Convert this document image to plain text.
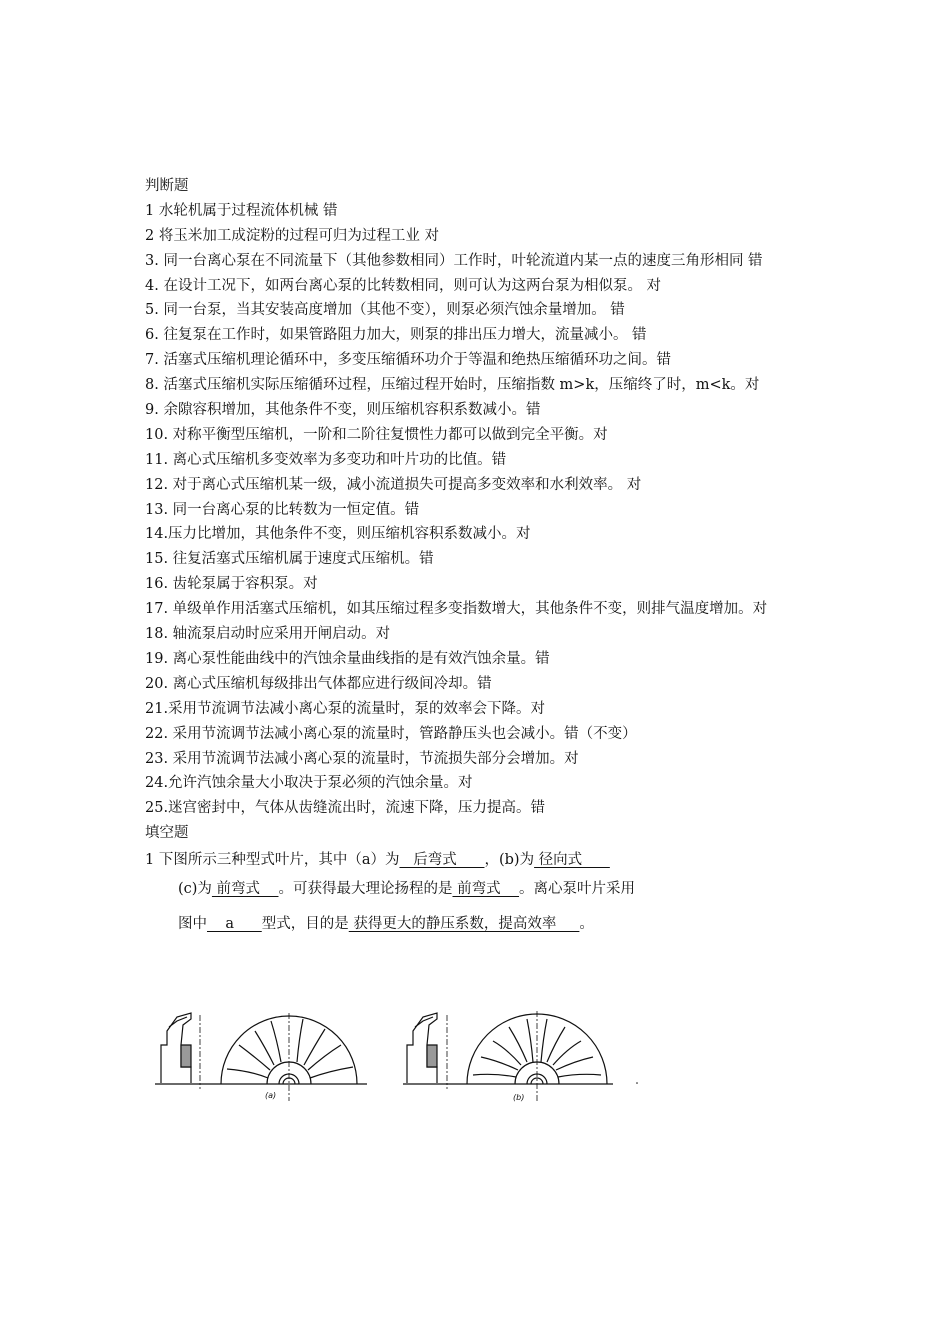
判断题
1 水轮机属于过程流体机械 错
2 将玉米加工成淀粉的过程可归为过程工业 对
3. 同一台离心泵在不同流量下（其他参数相同）工作时，叶轮流道内某一点的速度三角形相同 错
4. 在设计工况下，如两台离心泵的比转数相同，则可认为这两台泵为相似泵。 对
5. 同一台泵，当其安装高度增加（其他不变），则泵必须汽蚀余量增加。 错
6. 往复泵在工作时，如果管路阻力加大，则泵的排出压力增大，流量减小。 错
7. 活塞式压缩机理论循环中，多变压缩循环功介于等温和绝热压缩循环功之间。错
8. 活塞式压缩机实际压缩循环过程，压缩过程开始时，压缩指数 m>k，压缩终了时，m<k。对
9. 余隙容积增加，其他条件不变，则压缩机容积系数减小。错
10. 对称平衡型压缩机，一阶和二阶往复惯性力都可以做到完全平衡。对
11. 离心式压缩机多变效率为多变功和叶片功的比值。错
12. 对于离心式压缩机某一级，减小流道损失可提高多变效率和水利效率。 对
13. 同一台离心泵的比转数为一恒定值。错
14.压力比增加，其他条件不变，则压缩机容积系数减小。对
15. 往复活塞式压缩机属于速度式压缩机。错
16. 齿轮泵属于容积泵。对
17. 单级单作用活塞式压缩机，如其压缩过程多变指数增大，其他条件不变，则排气温度增加。对
18. 轴流泵启动时应采用开闸启动。对
19. 离心泵性能曲线中的汽蚀余量曲线指的是有效汽蚀余量。错
20. 离心式压缩机每级排出气体都应进行级间冷却。错
21.采用节流调节法减小离心泵的流量时，泵的效率会下降。对
22. 采用节流调节法减小离心泵的流量时，管路静压头也会减小。错（不变）
23. 采用节流调节法减小离心泵的流量时，节流损失部分会增加。对
24.允许汽蚀余量大小取决于泵必须的汽蚀余量。对
25.迷宫密封中，气体从齿缝流出时，流速下降，压力提高。错
填空题
1 下图所示三种型式叶片，其中（a）为   后弯式      ，(b)为 径向式
(c)为 前弯式    。可获得最大理论扬程的是 前弯式    。离心泵叶片采用
图中    a      型式，目的是 获得更大的静压系数，提高效率     。
(a)	(b)
